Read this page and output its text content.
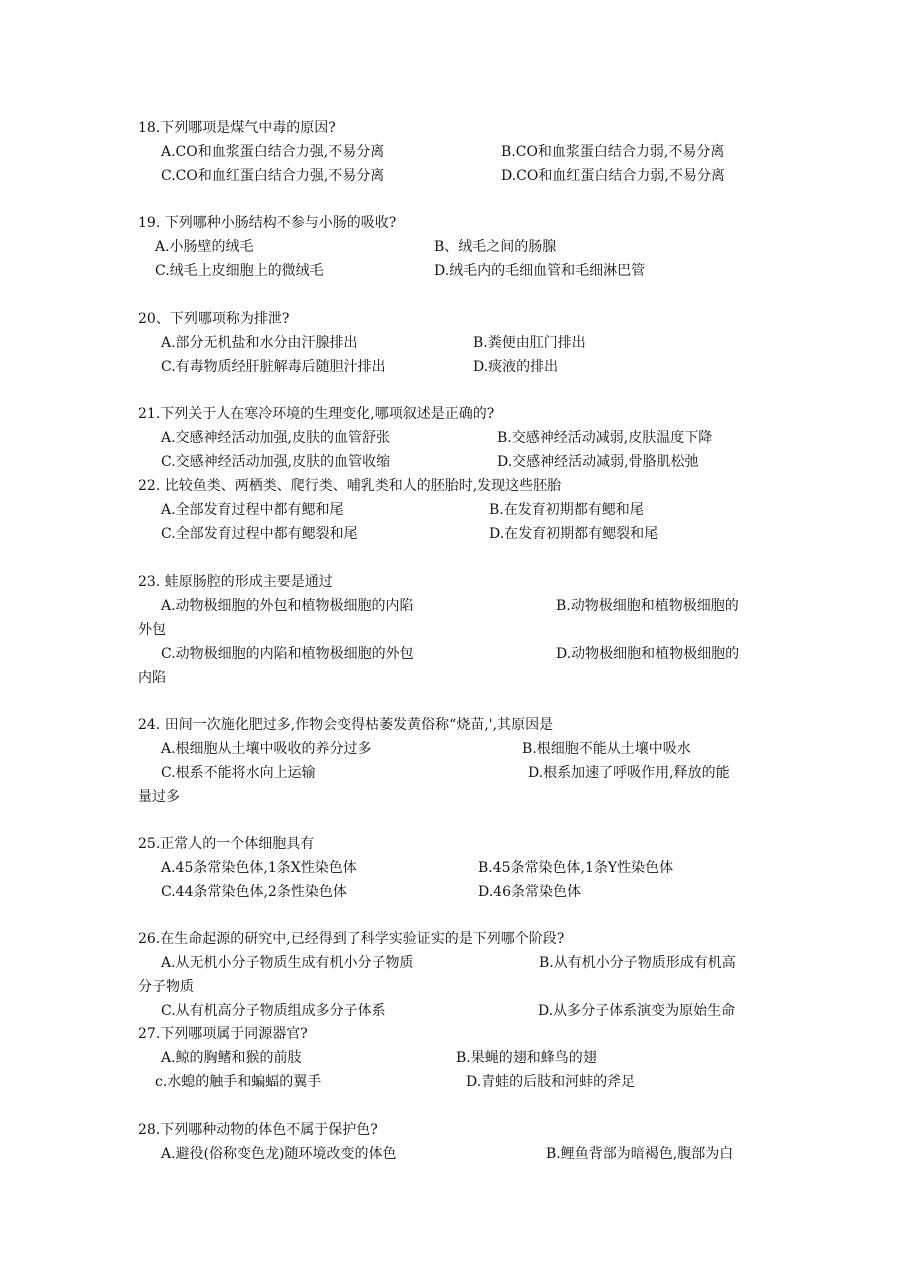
18.下列哪项是煤气中毒的原因?
A.CO和血浆蛋白结合力强,不易分离	B.CO和血浆蛋白结合力弱,不易分离
C.CO和血红蛋白结合力强,不易分离	D.CO和血红蛋白结合力弱,不易分离
19. 下列哪种小肠结构不参与小肠的吸收?
A.小肠壁的绒毛	B、绒毛之间的肠腺
C.绒毛上皮细胞上的微绒毛	D.绒毛内的毛细血管和毛细淋巴管
20、下列哪项称为排泄?
A.部分无机盐和水分由汗腺排出	B.粪便由肛门排出
C.有毒物质经肝脏解毒后随胆汁排出	D.痰液的排出
21.下列关于人在寒冷环境的生理变化,哪项叙述是正确的?
A.交感神经活动加强,皮肤的血管舒张	B.交感神经活动减弱,皮肤温度下降
C.交感神经活动加强,皮肤的血管收缩	D.交感神经活动减弱,骨胳肌松弛
22. 比较鱼类、两栖类、爬行类、哺乳类和人的胚胎时,发现这些胚胎
A.全部发育过程中都有鳃和尾	B.在发育初期都有鳃和尾
C.全部发育过程中都有鳃裂和尾	D.在发育初期都有鳃裂和尾
23. 蛙原肠腔的形成主要是通过
A.动物极细胞的外包和植物极细胞的内陷	B.动物极细胞和植物极细胞的
外包
C.动物极细胞的内陷和植物极细胞的外包	D.动物极细胞和植物极细胞的
内陷
24. 田间一次施化肥过多,作物会变得枯萎发黄俗称“烧苗,',其原因是
A.根细胞从土壤中吸收的养分过多	B.根细胞不能从土壤中吸水
C.根系不能将水向上运输	D.根系加速了呼吸作用,释放的能
量过多
25.正常人的一个体细胞具有
A.45条常染色体,1条X性染色体	B.45条常染色体,1条Y性染色体
C.44条常染色体,2条性染色体	D.46条常染色体
26.在生命起源的研究中,已经得到了科学实验证实的是下列哪个阶段?
A.从无机小分子物质生成有机小分子物质	B.从有机小分子物质形成有机高
分子物质
C.从有机高分子物质组成多分子体系	D.从多分子体系演变为原始生命
27.下列哪项属于同源器官?
A.鲸的胸鳍和猴的前肢	B.果蝇的翅和蜂鸟的翅
c.水螅的触手和蝙蝠的翼手	D.青蛙的后肢和河蚌的斧足
28.下列哪种动物的体色不属于保护色?
A.避役(俗称变色龙)随环境改变的体色	B.鲤鱼背部为暗褐色,腹部为白
